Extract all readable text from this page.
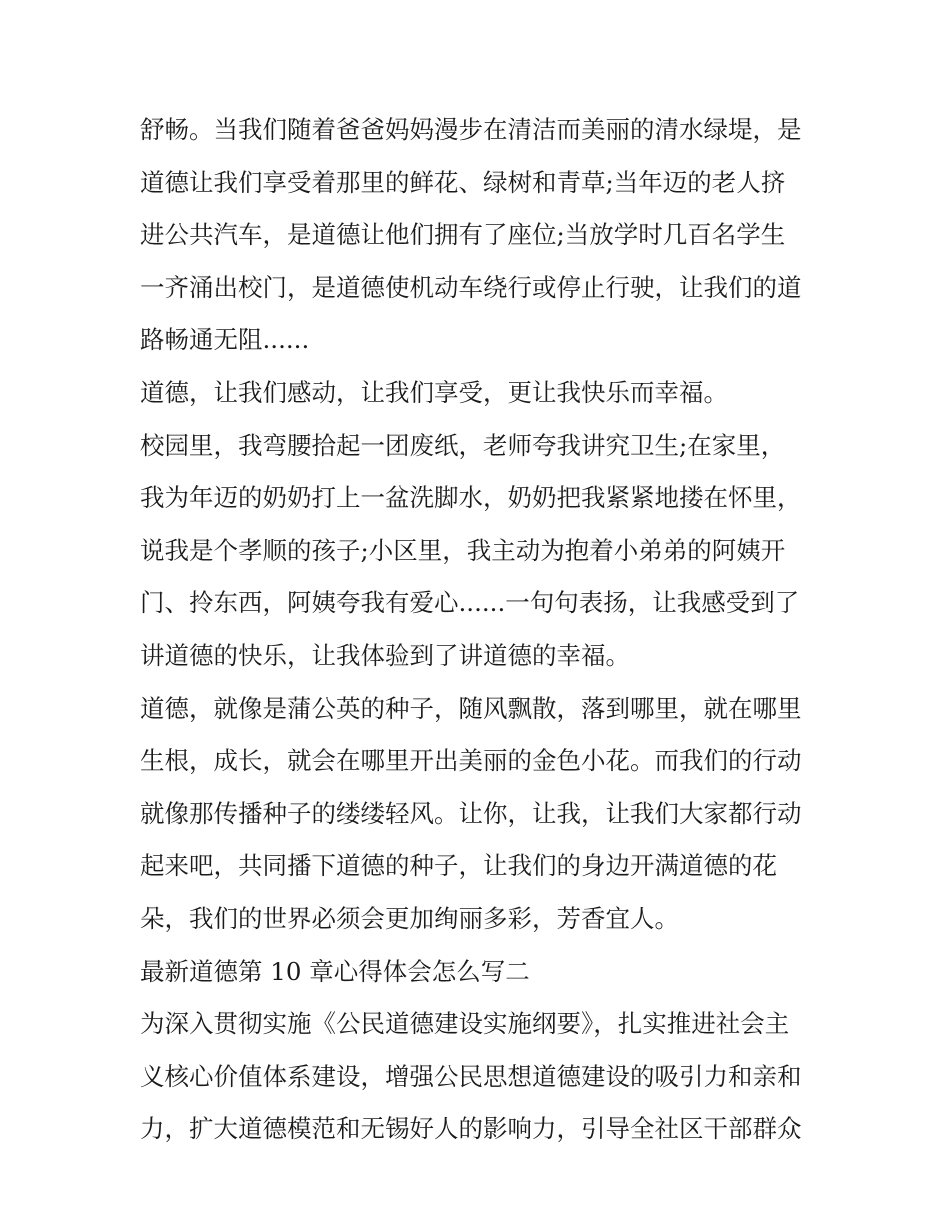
舒畅。当我们随着爸爸妈妈漫步在清洁而美丽的清水绿堤，是
道德让我们享受着那里的鲜花、绿树和青草;当年迈的老人挤
进公共汽车，是道德让他们拥有了座位;当放学时几百名学生
一齐涌出校门，是道德使机动车绕行或停止行驶，让我们的道
路畅通无阻......
道德，让我们感动，让我们享受，更让我快乐而幸福。
校园里，我弯腰拾起一团废纸，老师夸我讲究卫生;在家里，
我为年迈的奶奶打上一盆洗脚水，奶奶把我紧紧地搂在怀里，
说我是个孝顺的孩子;小区里，我主动为抱着小弟弟的阿姨开
门、拎东西，阿姨夸我有爱心......一句句表扬，让我感受到了
讲道德的快乐，让我体验到了讲道德的幸福。
道德，就像是蒲公英的种子，随风飘散，落到哪里，就在哪里
生根，成长，就会在哪里开出美丽的金色小花。而我们的行动
就像那传播种子的缕缕轻风。让你，让我，让我们大家都行动
起来吧，共同播下道德的种子，让我们的身边开满道德的花
朵，我们的世界必须会更加绚丽多彩，芳香宜人。
最新道德第 10 章心得体会怎么写二
为深入贯彻实施《公民道德建设实施纲要》，扎实推进社会主
义核心价值体系建设，增强公民思想道德建设的吸引力和亲和
力，扩大道德模范和无锡好人的影响力，引导全社区干部群众
